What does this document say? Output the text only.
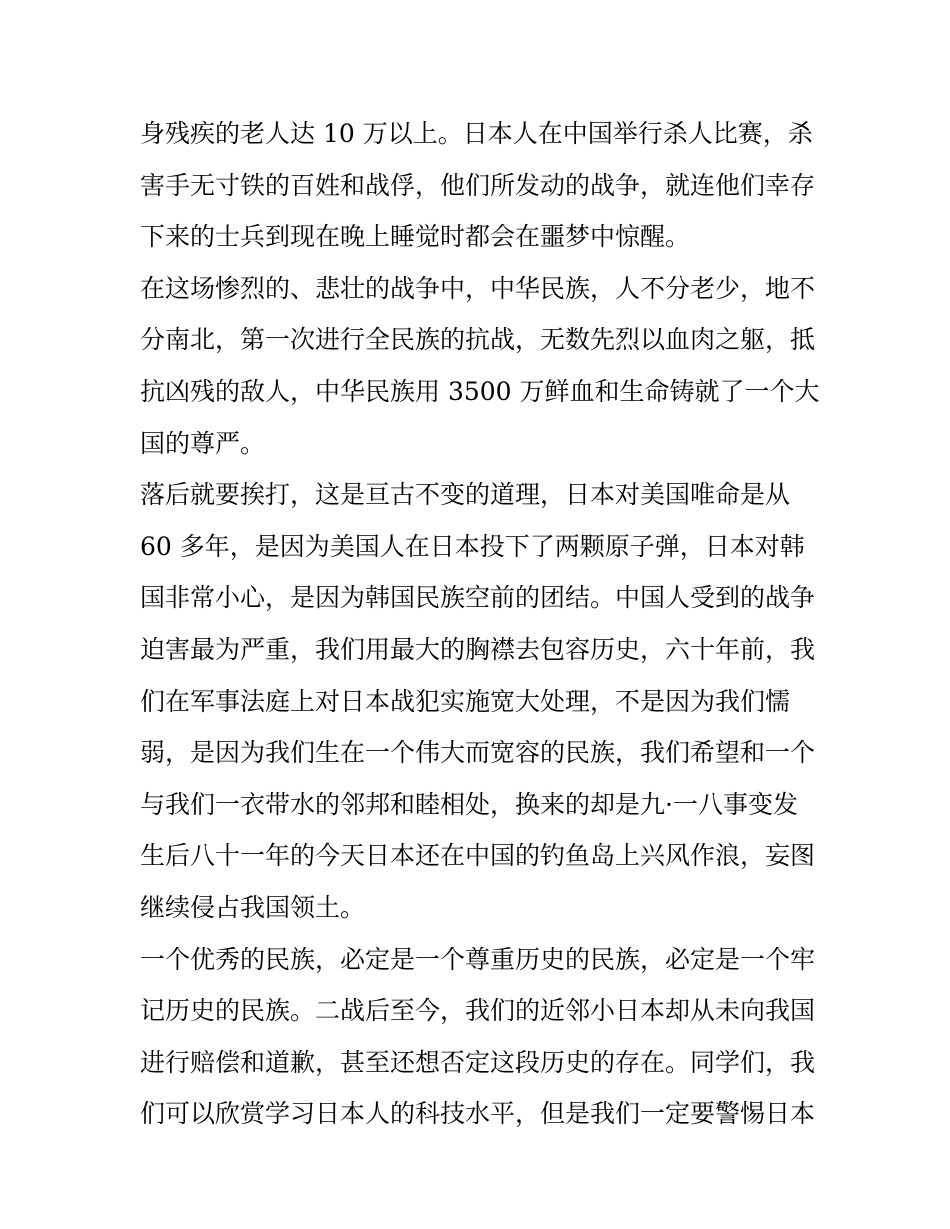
身残疾的老人达 10 万以上。日本人在中国举行杀人比赛，杀
害手无寸铁的百姓和战俘，他们所发动的战争，就连他们幸存
下来的士兵到现在晚上睡觉时都会在噩梦中惊醒。
在这场惨烈的、悲壮的战争中，中华民族，人不分老少，地不
分南北，第一次进行全民族的抗战，无数先烈以血肉之躯，抵
抗凶残的敌人，中华民族用 3500 万鲜血和生命铸就了一个大
国的尊严。
落后就要挨打，这是亘古不变的道理，日本对美国唯命是从
60 多年，是因为美国人在日本投下了两颗原子弹，日本对韩
国非常小心，是因为韩国民族空前的团结。中国人受到的战争
迫害最为严重，我们用最大的胸襟去包容历史，六十年前，我
们在军事法庭上对日本战犯实施宽大处理，不是因为我们懦
弱，是因为我们生在一个伟大而宽容的民族，我们希望和一个
与我们一衣带水的邻邦和睦相处，换来的却是九·一八事变发
生后八十一年的今天日本还在中国的钓鱼岛上兴风作浪，妄图
继续侵占我国领土。
一个优秀的民族，必定是一个尊重历史的民族，必定是一个牢
记历史的民族。二战后至今，我们的近邻小日本却从未向我国
进行赔偿和道歉，甚至还想否定这段历史的存在。同学们，我
们可以欣赏学习日本人的科技水平，但是我们一定要警惕日本
